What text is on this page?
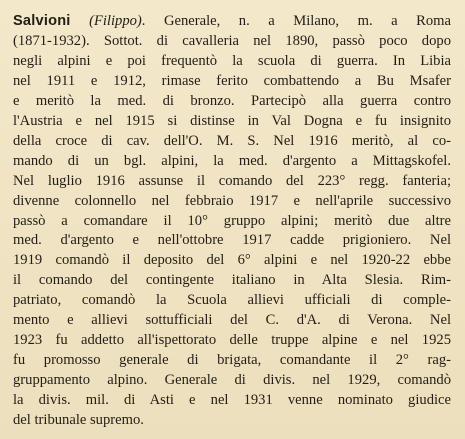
Salvioni (Filippo). Generale, n. a Milano, m. a Roma
(1871-1932). Sottot. di cavalleria nel 1890, passò poco dopo
negli alpini e poi frequentò la scuola di guerra. In Libia
nel 1911 e 1912, rimase ferito combattendo a Bu Msafer
e meritò la med. di bronzo. Partecipò alla guerra contro
l'Austria e nel 1915 si distinse in Val Dogna e fu insignito
della croce di cav. dell'O. M. S. Nel 1916 meritò, al co-
mando di un bgl. alpini, la med. d'argento a Mittagskofel.
Nel luglio 1916 assunse il comando del 223° regg. fanteria;
divenne colonnello nel febbraio 1917 e nell'aprile successivo
passò a comandare il 10° gruppo alpini; meritò due altre
med. d'argento e nell'ottobre 1917 cadde prigioniero. Nel
1919 comandò il deposito del 6° alpini e nel 1920-22 ebbe
il comando del contingente italiano in Alta Slesia. Rim-
patriato, comandò la Scuola allievi ufficiali di comple-
mento e allievi sottufficiali del C. d'A. di Verona. Nel
1923 fu addetto all'ispettorato delle truppe alpine e nel 1925
fu promosso generale di brigata, comandante il 2° rag-
gruppamento alpino. Generale di divis. nel 1929, comandò
la divis. mil. di Asti e nel 1931 venne nominato giudice
del tribunale supremo.
